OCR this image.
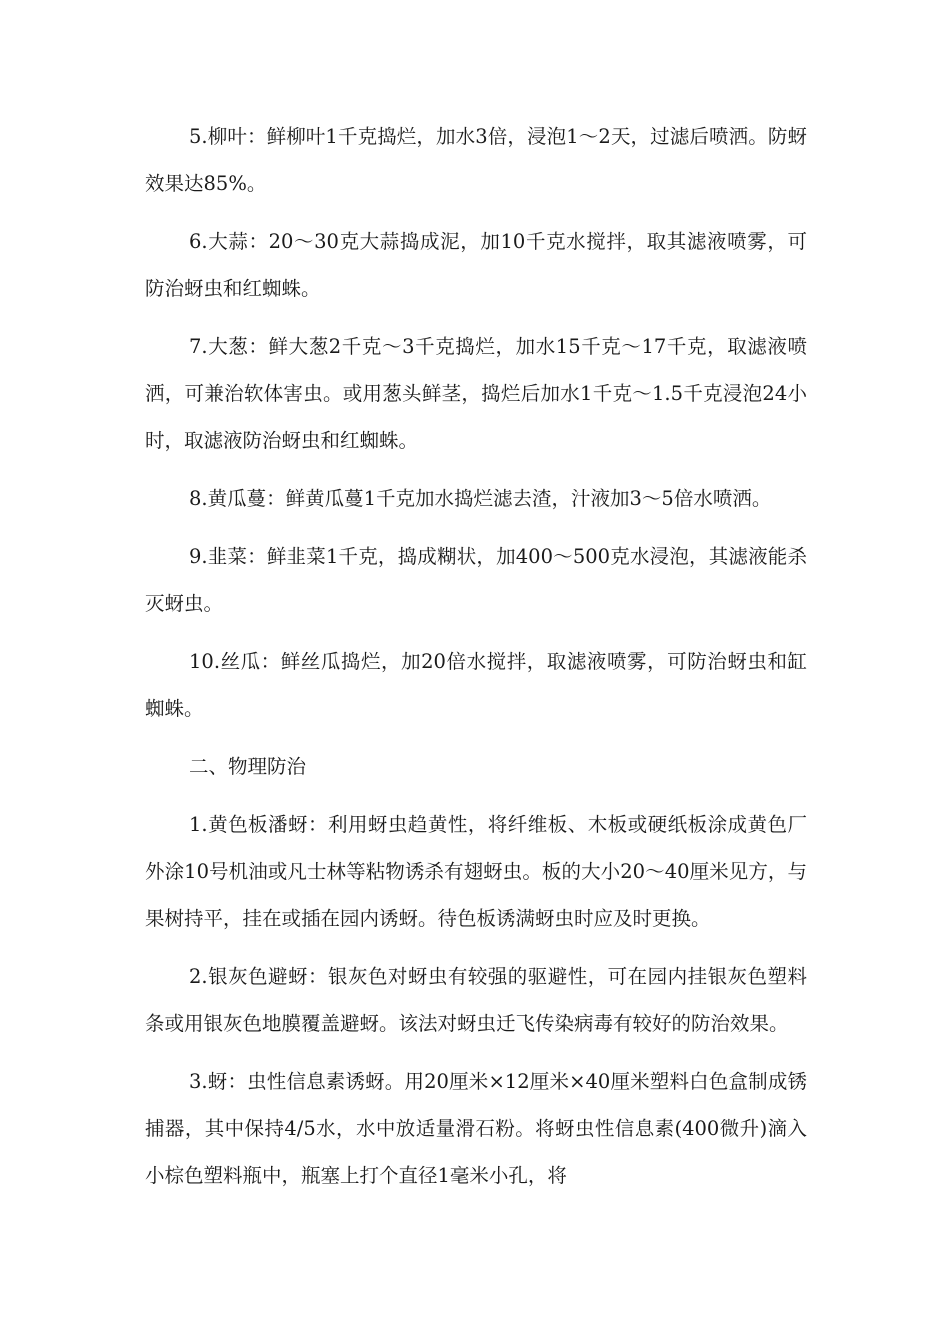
5.柳叶：鲜柳叶1千克捣烂，加水3倍，浸泡1～2天，过滤后喷洒。防蚜效果达85%。

6.大蒜：20～30克大蒜捣成泥，加10千克水搅拌，取其滤液喷雾，可防治蚜虫和红蜘蛛。

7.大葱：鲜大葱2千克～3千克捣烂，加水15千克～17千克，取滤液喷洒，可兼治软体害虫。或用葱头鲜茎，捣烂后加水1千克～1.5千克浸泡24小时，取滤液防治蚜虫和红蜘蛛。

8.黄瓜蔓：鲜黄瓜蔓1千克加水捣烂滤去渣，汁液加3～5倍水喷洒。

9.韭菜：鲜韭菜1千克，捣成糊状，加400～500克水浸泡，其滤液能杀灭蚜虫。

10.丝瓜：鲜丝瓜捣烂，加20倍水搅拌，取滤液喷雾，可防治蚜虫和缸蜘蛛。

二、物理防治

1.黄色板潘蚜：利用蚜虫趋黄性，将纤维板、木板或硬纸板涂成黄色厂外涂10号机油或凡士林等粘物诱杀有翅蚜虫。板的大小20～40厘米见方，与果树持平，挂在或插在园内诱蚜。待色板诱满蚜虫时应及时更换。

2.银灰色避蚜：银灰色对蚜虫有较强的驱避性，可在园内挂银灰色塑料条或用银灰色地膜覆盖避蚜。该法对蚜虫迁飞传染病毒有较好的防治效果。

3.蚜：虫性信息素诱蚜。用20厘米×12厘米×40厘米塑料白色盒制成锈捕器，其中保持4/5水，水中放适量滑石粉。将蚜虫性信息素(400微升)滴入小棕色塑料瓶中，瓶塞上打个直径1毫米小孔，将
